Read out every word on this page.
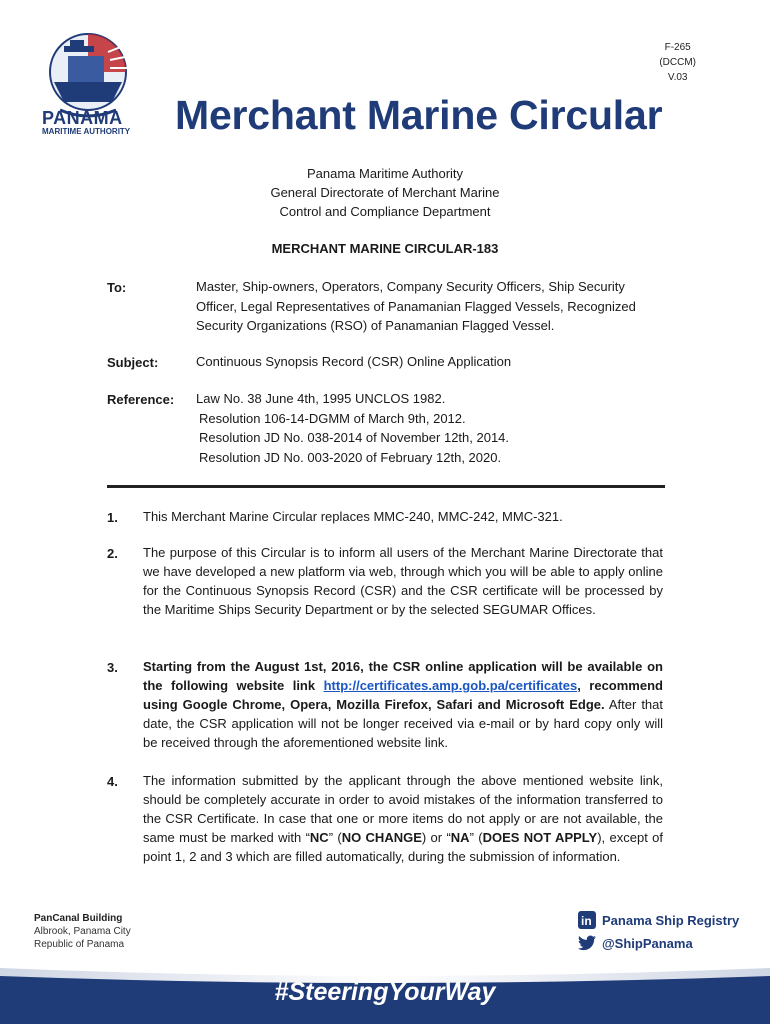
PANAMA
MARITIME AUTHORITY
F-265
(DCCM)
V.03
Merchant Marine Circular
Panama Maritime Authority
General Directorate of Merchant Marine
Control and Compliance Department
MERCHANT MARINE CIRCULAR-183
To:	Master, Ship-owners, Operators, Company Security Officers, Ship Security Officer, Legal Representatives of Panamanian Flagged Vessels, Recognized Security Organizations (RSO) of Panamanian Flagged Vessel.
Subject:	Continuous Synopsis Record (CSR) Online Application
Reference: Law No. 38 June 4th, 1995 UNCLOS 1982.
Resolution 106-14-DGMM of March 9th, 2012.
Resolution JD No. 038-2014 of November 12th, 2014.
Resolution JD No. 003-2020 of February 12th, 2020.
1. This Merchant Marine Circular replaces MMC-240, MMC-242, MMC-321.
2. The purpose of this Circular is to inform all users of the Merchant Marine Directorate that we have developed a new platform via web, through which you will be able to apply online for the Continuous Synopsis Record (CSR) and the CSR certificate will be processed by the Maritime Ships Security Department or by the selected SEGUMAR Offices.
3. Starting from the August 1st, 2016, the CSR online application will be available on the following website link http://certificates.amp.gob.pa/certificates, recommend using Google Chrome, Opera, Mozilla Firefox, Safari and Microsoft Edge. After that date, the CSR application will not be longer received via e-mail or by hard copy only will be received through the aforementioned website link.
4. The information submitted by the applicant through the above mentioned website link, should be completely accurate in order to avoid mistakes of the information transferred to the CSR Certificate. In case that one or more items do not apply or are not available, the same must be marked with “NC” (NO CHANGE) or “NA” (DOES NOT APPLY), except of point 1, 2 and 3 which are filled automatically, during the submission of information.
PanCanal Building
Albrook, Panama City
Republic of Panama
in Panama Ship Registry
@ShipPanama
#SteeringYourWay
